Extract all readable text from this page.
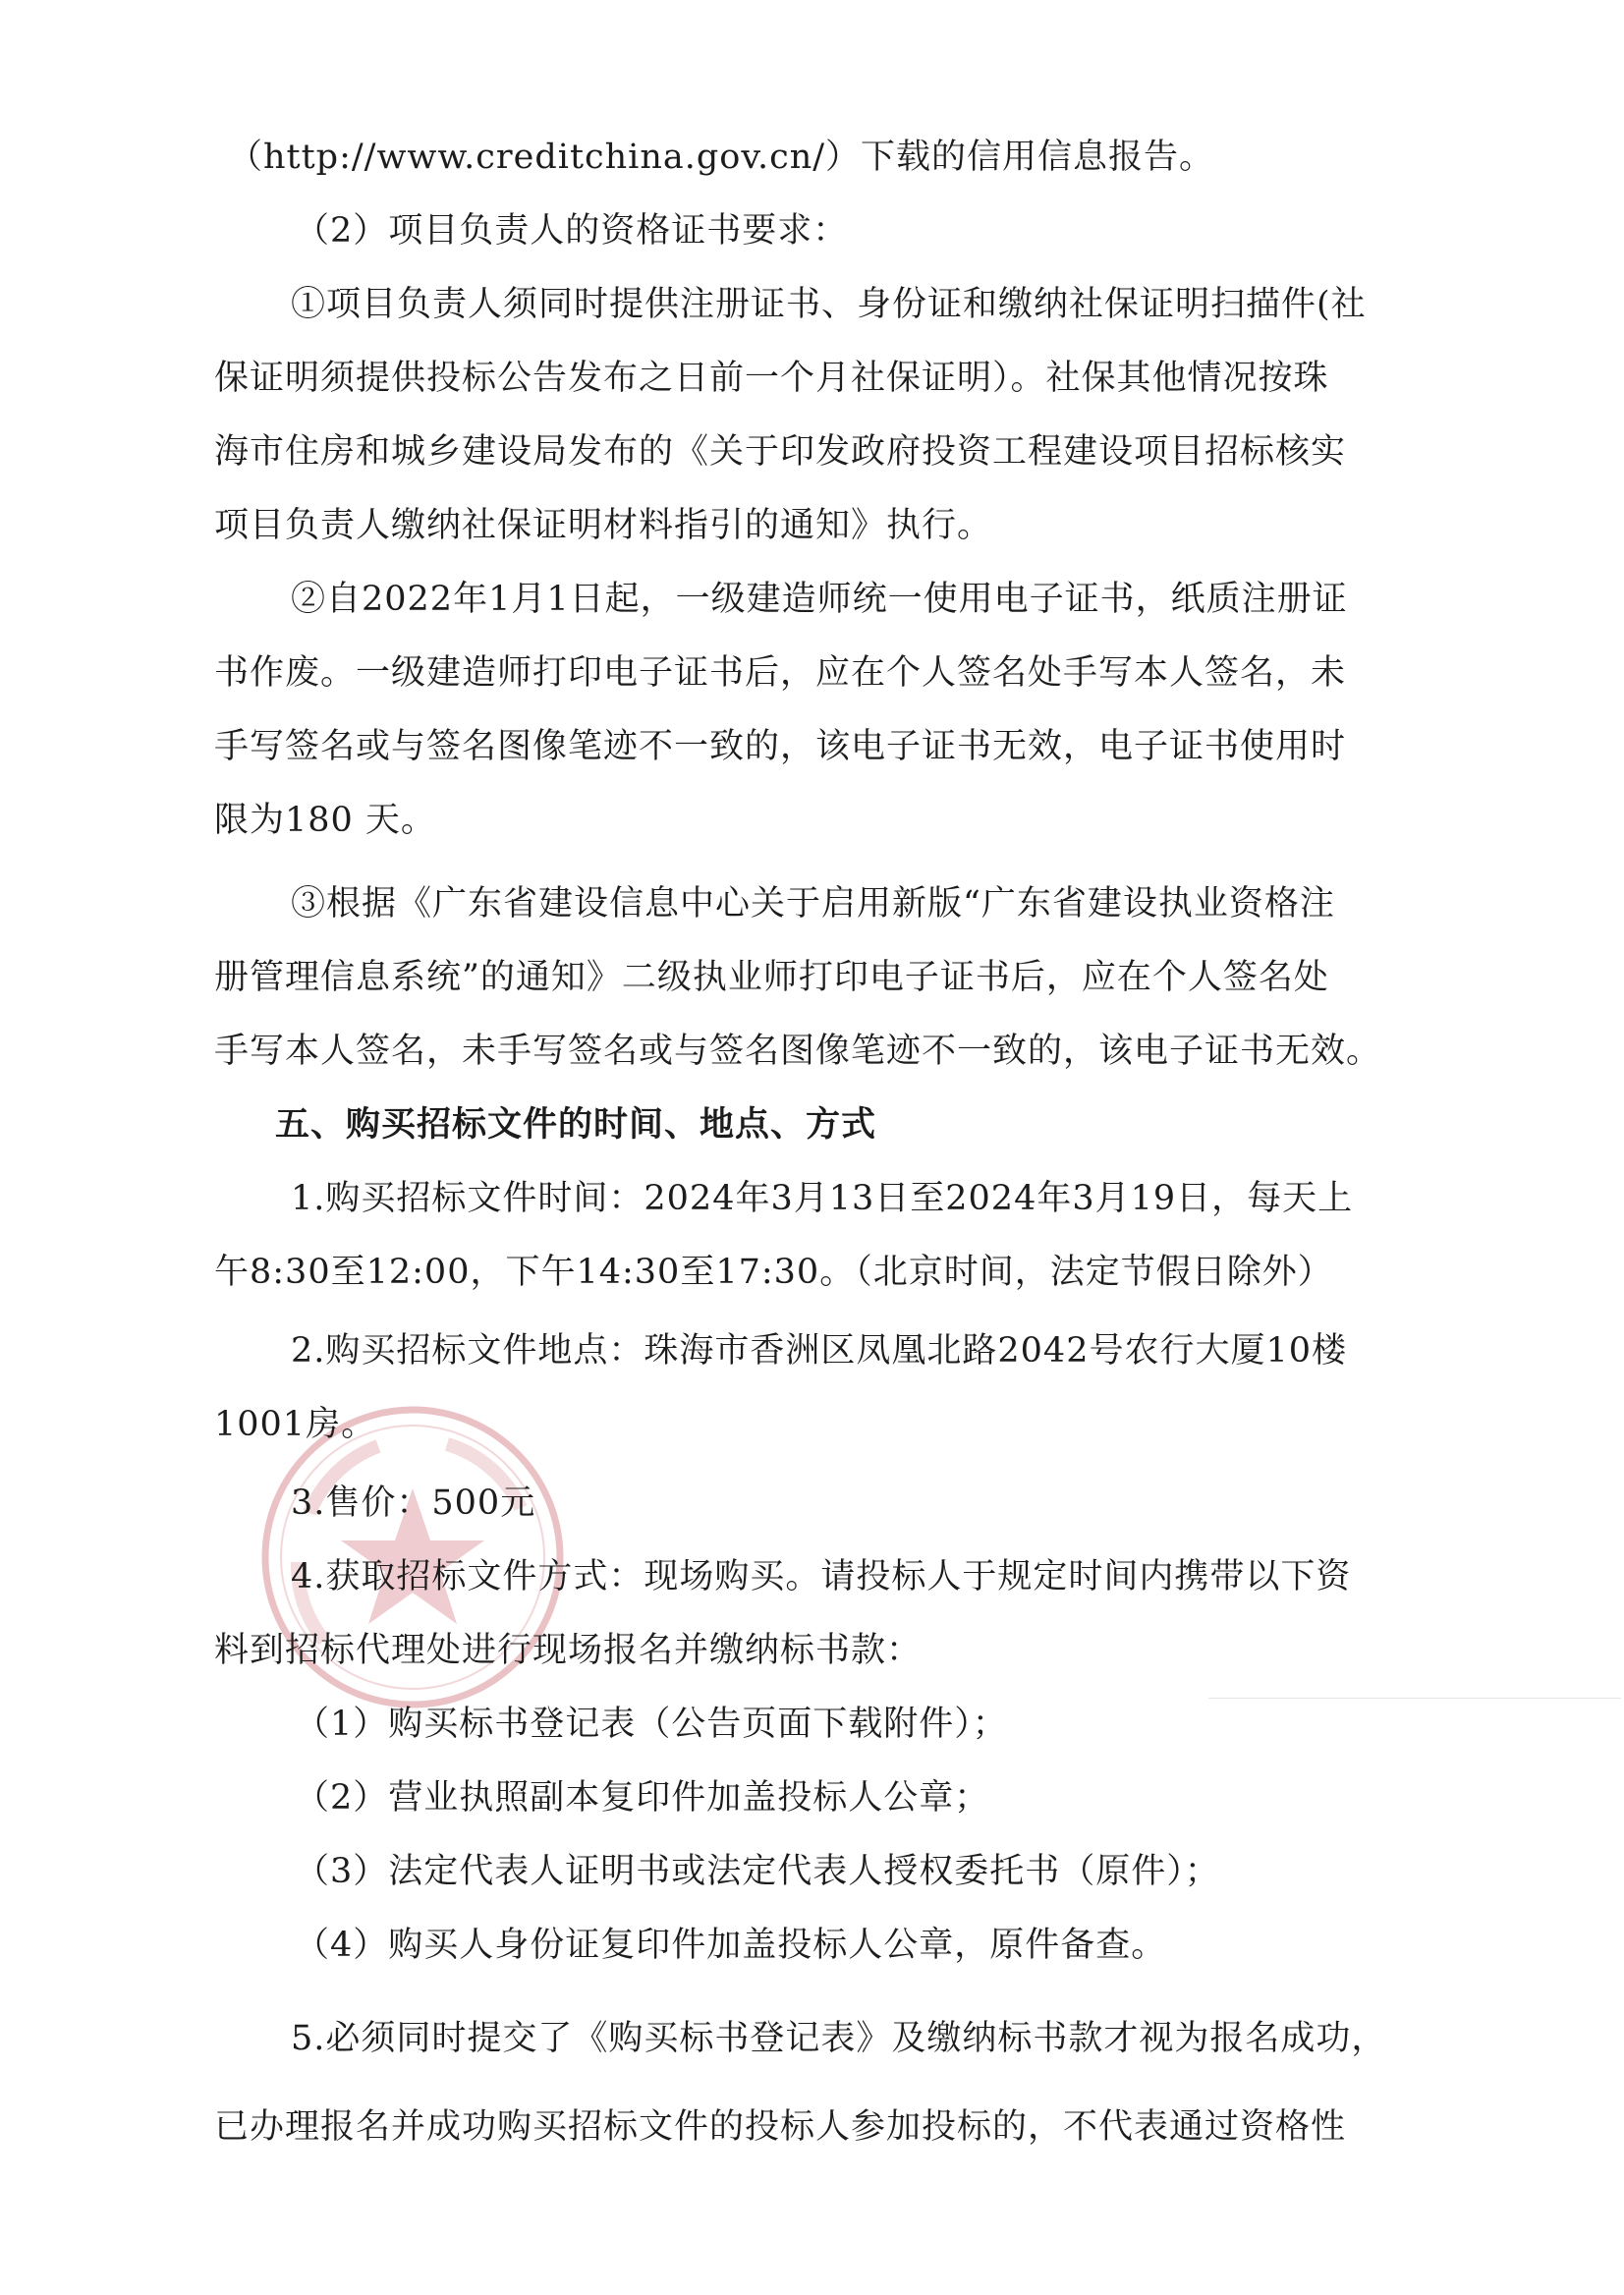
（http://www.creditchina.gov.cn/）下载的信用信息报告。
（2）项目负责人的资格证书要求：
①项目负责人须同时提供注册证书、身份证和缴纳社保证明扫描件(社
保证明须提供投标公告发布之日前一个月社保证明）。社保其他情况按珠
海市住房和城乡建设局发布的《关于印发政府投资工程建设项目招标核实
项目负责人缴纳社保证明材料指引的通知》执行。
②自2022年1月1日起，一级建造师统一使用电子证书，纸质注册证
书作废。一级建造师打印电子证书后，应在个人签名处手写本人签名，未
手写签名或与签名图像笔迹不一致的，该电子证书无效，电子证书使用时
限为180 天。
③根据《广东省建设信息中心关于启用新版“广东省建设执业资格注
册管理信息系统”的通知》二级执业师打印电子证书后，应在个人签名处
手写本人签名，未手写签名或与签名图像笔迹不一致的，该电子证书无效。
五、购买招标文件的时间、地点、方式
1.购买招标文件时间：2024年3月13日至2024年3月19日，每天上
午8:30至12:00，下午14:30至17:30。（北京时间，法定节假日除外）
2.购买招标文件地点：珠海市香洲区凤凰北路2042号农行大厦10楼
1001房。
3.售价：500元
4.获取招标文件方式：现场购买。请投标人于规定时间内携带以下资
料到招标代理处进行现场报名并缴纳标书款：
（1）购买标书登记表（公告页面下载附件）；
（2）营业执照副本复印件加盖投标人公章；
（3）法定代表人证明书或法定代表人授权委托书（原件）；
（4）购买人身份证复印件加盖投标人公章，原件备查。
5.必须同时提交了《购买标书登记表》及缴纳标书款才视为报名成功，
已办理报名并成功购买招标文件的投标人参加投标的，不代表通过资格性
